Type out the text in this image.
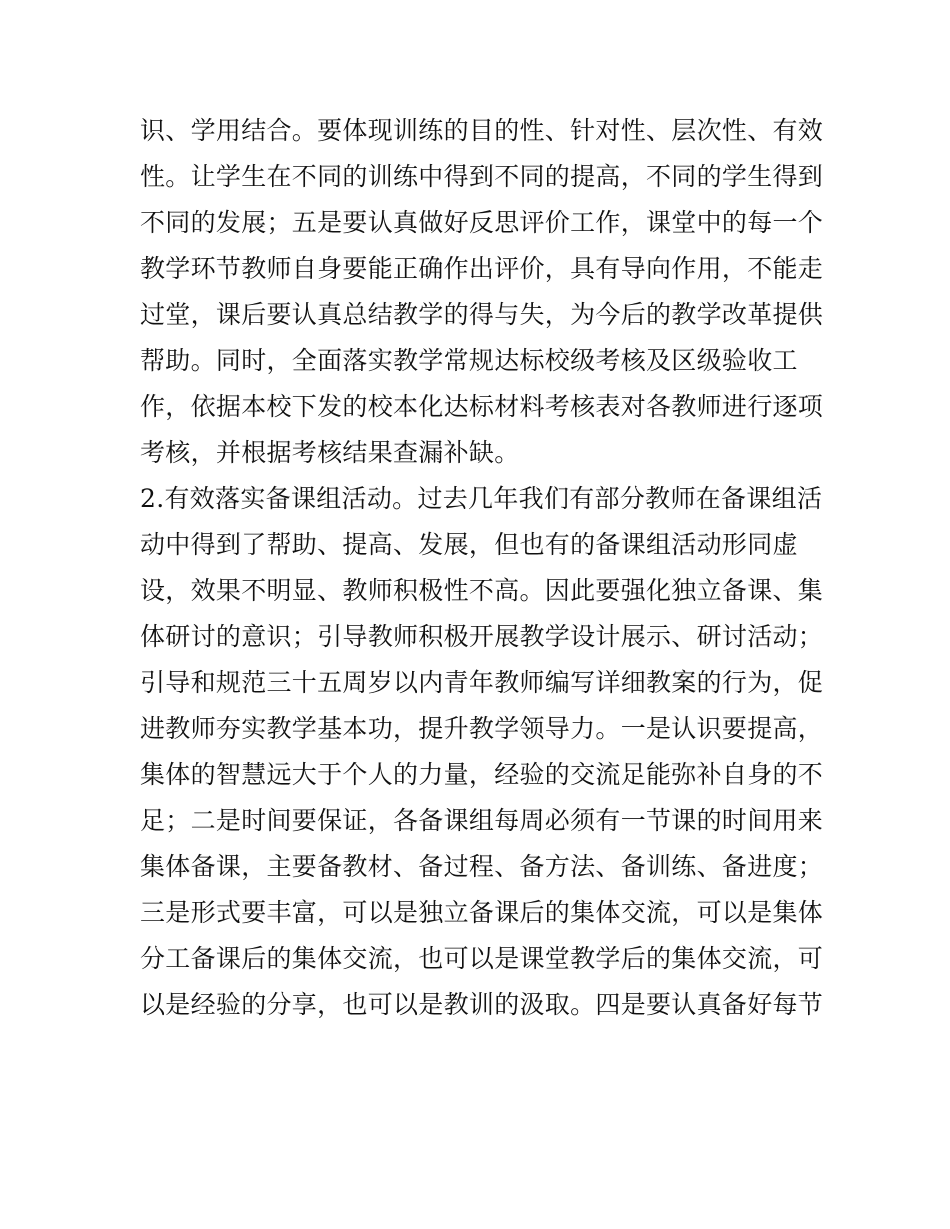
识、学用结合。要体现训练的目的性、针对性、层次性、有效
性。让学生在不同的训练中得到不同的提高，不同的学生得到
不同的发展；五是要认真做好反思评价工作，课堂中的每一个
教学环节教师自身要能正确作出评价，具有导向作用，不能走
过堂，课后要认真总结教学的得与失，为今后的教学改革提供
帮助。同时，全面落实教学常规达标校级考核及区级验收工
作，依据本校下发的校本化达标材料考核表对各教师进行逐项
考核，并根据考核结果查漏补缺。
2.有效落实备课组活动。过去几年我们有部分教师在备课组活
动中得到了帮助、提高、发展，但也有的备课组活动形同虚
设，效果不明显、教师积极性不高。因此要强化独立备课、集
体研讨的意识；引导教师积极开展教学设计展示、研讨活动；
引导和规范三十五周岁以内青年教师编写详细教案的行为，促
进教师夯实教学基本功，提升教学领导力。一是认识要提高，
集体的智慧远大于个人的力量，经验的交流足能弥补自身的不
足；二是时间要保证，各备课组每周必须有一节课的时间用来
集体备课，主要备教材、备过程、备方法、备训练、备进度；
三是形式要丰富，可以是独立备课后的集体交流，可以是集体
分工备课后的集体交流，也可以是课堂教学后的集体交流，可
以是经验的分享，也可以是教训的汲取。四是要认真备好每节
